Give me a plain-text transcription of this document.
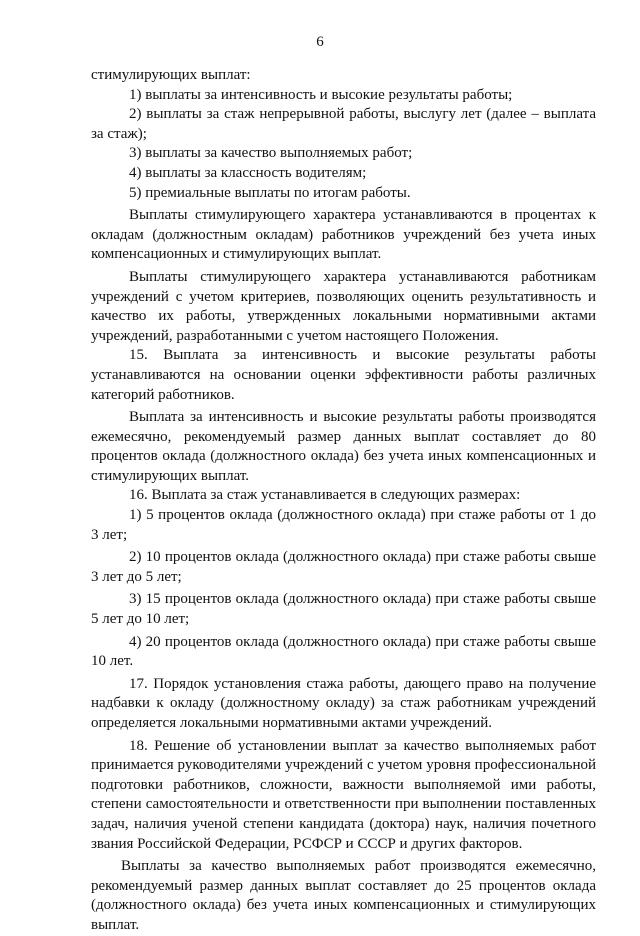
6

стимулирующих выплат:

1) выплаты за интенсивность и высокие результаты работы;

2) выплаты за стаж непрерывной работы, выслугу лет (далее – выплата за стаж);

3) выплаты за качество выполняемых работ;

4) выплаты за классность водителям;

5) премиальные выплаты по итогам работы.

Выплаты стимулирующего характера устанавливаются в процентах к окладам (должностным окладам) работников учреждений без учета иных компенсационных и стимулирующих выплат.

Выплаты стимулирующего характера устанавливаются работникам учреждений с учетом критериев, позволяющих оценить результативность и качество их работы, утвержденных локальными нормативными актами учреждений, разработанными с учетом настоящего Положения.

15. Выплата за интенсивность и высокие результаты работы устанавливаются на основании оценки эффективности работы различных категорий работников.

Выплата за интенсивность и высокие результаты работы производятся ежемесячно, рекомендуемый размер данных выплат составляет до 80 процентов оклада (должностного оклада) без учета иных компенсационных и стимулирующих выплат.

16. Выплата за стаж устанавливается в следующих размерах:

1) 5 процентов оклада (должностного оклада) при стаже работы от 1 до 3 лет;

2) 10 процентов оклада (должностного оклада) при стаже работы свыше 3 лет до 5 лет;

3) 15 процентов оклада (должностного оклада) при стаже работы свыше 5 лет до 10 лет;

4) 20 процентов оклада (должностного оклада) при стаже работы свыше 10 лет.

17. Порядок установления стажа работы, дающего право на получение надбавки к окладу (должностному окладу) за стаж работникам учреждений определяется локальными нормативными актами учреждений.

18. Решение об установлении выплат за качество выполняемых работ принимается руководителями учреждений с учетом уровня профессиональной подготовки работников, сложности, важности выполняемой ими работы, степени самостоятельности и ответственности при выполнении поставленных задач, наличия ученой степени кандидата (доктора) наук, наличия почетного звания Российской Федерации, РСФСР и СССР и других факторов.

Выплаты за качество выполняемых работ производятся ежемесячно, рекомендуемый размер данных выплат составляет до 25 процентов оклада (должностного оклада) без учета иных компенсационных и стимулирующих выплат.
